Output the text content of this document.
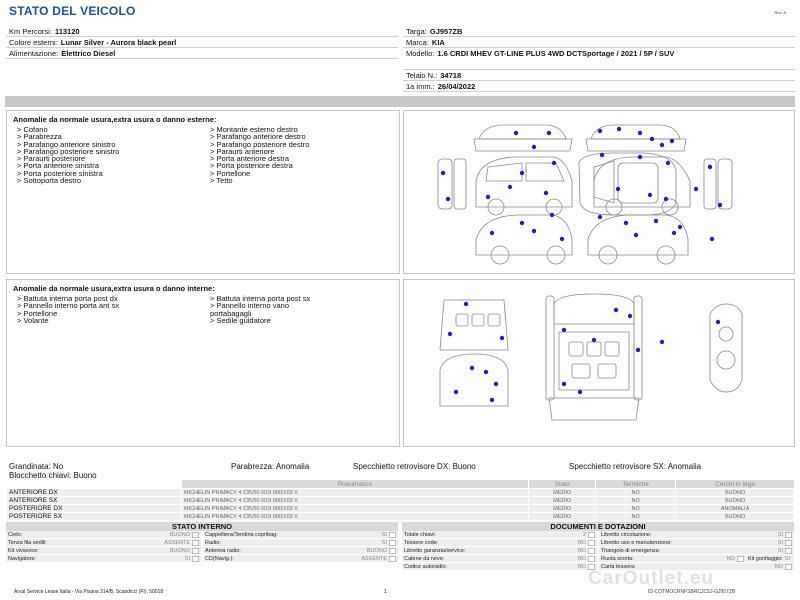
STATO DEL VEICOLO	Rev. A
Km Percorsi: 113120
Colore esterni: Lunar Silver - Aurora black pearl
Alimentazione: Elettrico Diesel
Targa: GJ957ZB
Marca: KIA
Modello: 1.6 CRDI MHEV GT-LINE PLUS 4WD DCTSportage / 2021 / 5P / SUV
Telaio N.: 34718
1a imm.: 26/04/2022
Anomalie da normale usura,extra usura o danno esterne:
> Cofano
> Parabrezza
> Parafango anteriore sinistro
> Parafango posteriore sinistro
> Paraurti posteriore
> Porta anteriore sinistra
> Porta posteriore sinistra
> Sottoporta destro
> Montante esterno destro
> Parafango anteriore destro
> Parafango posteriore destro
> Paraurti anteriore
> Porta anteriore destra
> Porta posteriore destra
> Portellone
> Tetto
Anomalie da normale usura,extra usura o danno interne:
> Battuta interna porta post dx
> Pannello interno porta ant sx
> Portellone
> Volante
> Battuta interna porta post sx
> Pannello interno vano
portabagagli
> Sedile guidatore
Grandinata: No	Parabrezza: Anomalia	Specchietto retrovisore DX: Buono	Specchietto retrovisore SX: Anomalia
Blocchetto chiavi: Buono
	Pneumatico	Stato	Termiche	Cerchi in lega
ANTERIORE DX	MICHELIN PRIMACY 4 235/50 R19 000/103 V	MEDIO	NO	BUONO
ANTERIORE SX	MICHELIN PRIMACY 4 235/50 R19 000/103 V	MEDIO	NO	BUONO
POSTERIORE DX	MICHELIN PRIMACY 4 235/50 R19 000/103 V	MEDIO	NO	ANOMALIA
POSTERIORE SX	MICHELIN PRIMACY 4 235/50 R19 000/103 V	MEDIO	NO	BUONO
STATO INTERNO
Cielo:	BUONO
Tenza fila sedili:	ASSENTE
Kit vivavoce:	BUONO
Navigatore:	SI
Cappelliera/Tendina copribag:	SI
Radio:	SI
Antenna radio:	BUONO
CD(Navig.):	ASSENTE
DOCUMENTI E DOTAZIONI
Totale chiavi:	2
Tessere code:	NO
Libretto garanzia/service:	NO
Catene da neve:	NO
Codice autoradio:	NO
Libretto circolazione:	SI
Libretto uso e manutenzione:	SI
Triangolo di emergenza:	SI
Ruota scorta:	NO Kit gonfiaggio: SI
Carta tessera:	NO
CarOutlet.eu
Arval Service Lease Italia - Via Pisana 314/B, Scandicci (FI), 50018	1	ID-COTMOCRNFSBRCJC5J-GJ957ZB
